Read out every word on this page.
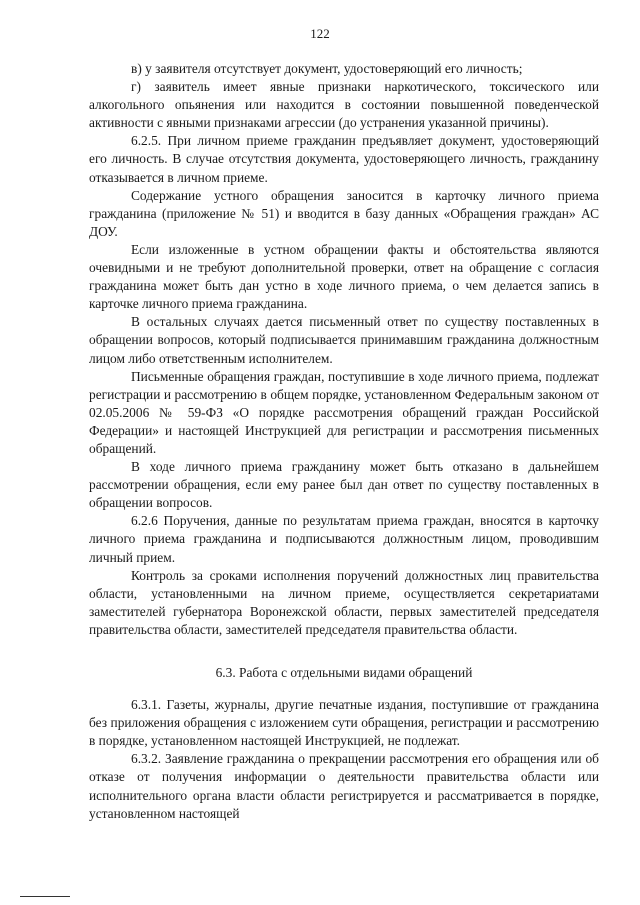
122

в) у заявителя отсутствует документ, удостоверяющий его личность;

г) заявитель имеет явные признаки наркотического, токсического или алкогольного опьянения или находится в состоянии повышенной поведенческой активности с явными признаками агрессии (до устранения указанной причины).

6.2.5. При личном приеме гражданин предъявляет документ, удостоверяющий его личность. В случае отсутствия документа, удостоверяющего личность, гражданину отказывается в личном приеме.

Содержание устного обращения заносится в карточку личного приема гражданина (приложение № 51) и вводится в базу данных «Обращения граждан» АС ДОУ.

Если изложенные в устном обращении факты и обстоятельства являются очевидными и не требуют дополнительной проверки, ответ на обращение с согласия гражданина может быть дан устно в ходе личного приема, о чем делается запись в карточке личного приема гражданина.

В остальных случаях дается письменный ответ по существу поставленных в обращении вопросов, который подписывается принимавшим гражданина должностным лицом либо ответственным исполнителем.

Письменные обращения граждан, поступившие в ходе личного приема, подлежат регистрации и рассмотрению в общем порядке, установленном Федеральным законом от 02.05.2006 № 59-ФЗ «О порядке рассмотрения обращений граждан Российской Федерации» и настоящей Инструкцией для регистрации и рассмотрения письменных обращений.

В ходе личного приема гражданину может быть отказано в дальнейшем рассмотрении обращения, если ему ранее был дан ответ по существу поставленных в обращении вопросов.

6.2.6 Поручения, данные по результатам приема граждан, вносятся в карточку личного приема гражданина и подписываются должностным лицом, проводившим личный прием.

Контроль за сроками исполнения поручений должностных лиц правительства области, установленными на личном приеме, осуществляется секретариатами заместителей губернатора Воронежской области, первых заместителей председателя правительства области, заместителей председателя правительства области.

6.3. Работа с отдельными видами обращений

6.3.1. Газеты, журналы, другие печатные издания, поступившие от гражданина без приложения обращения с изложением сути обращения, регистрации и рассмотрению в порядке, установленном настоящей Инструкцией, не подлежат.

6.3.2. Заявление гражданина о прекращении рассмотрения его обращения или об отказе от получения информации о деятельности правительства области или исполнительного органа власти области регистрируется и рассматривается в порядке, установленном настоящей
